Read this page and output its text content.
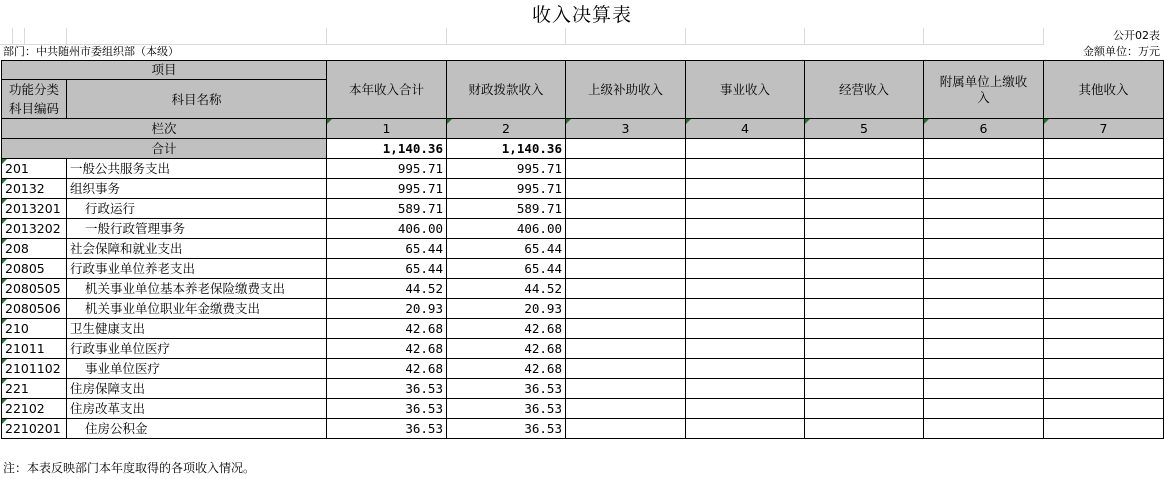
收入决算表
公开02表
部门：中共随州市委组织部（本级）	金额单位：万元
项目		本年收入合计	财政拨款收入	上级补助收入	事业收入	经营收入	附属单位上缴收入	其他收入
功能分类科目编码	科目名称							
栏次		1	2	3	4	5	6	7
合计		1,140.36	1,140.36					
201	一般公共服务支出	995.71	995.71					
20132	组织事务	995.71	995.71					
2013201	行政运行	589.71	589.71					
2013202	一般行政管理事务	406.00	406.00					
208	社会保障和就业支出	65.44	65.44					
20805	行政事业单位养老支出	65.44	65.44					
2080505	机关事业单位基本养老保险缴费支出	44.52	44.52					
2080506	机关事业单位职业年金缴费支出	20.93	20.93					
210	卫生健康支出	42.68	42.68					
21011	行政事业单位医疗	42.68	42.68					
2101102	事业单位医疗	42.68	42.68					
221	住房保障支出	36.53	36.53					
22102	住房改革支出	36.53	36.53					
2210201	住房公积金	36.53	36.53					
注：本表反映部门本年度取得的各项收入情况。
